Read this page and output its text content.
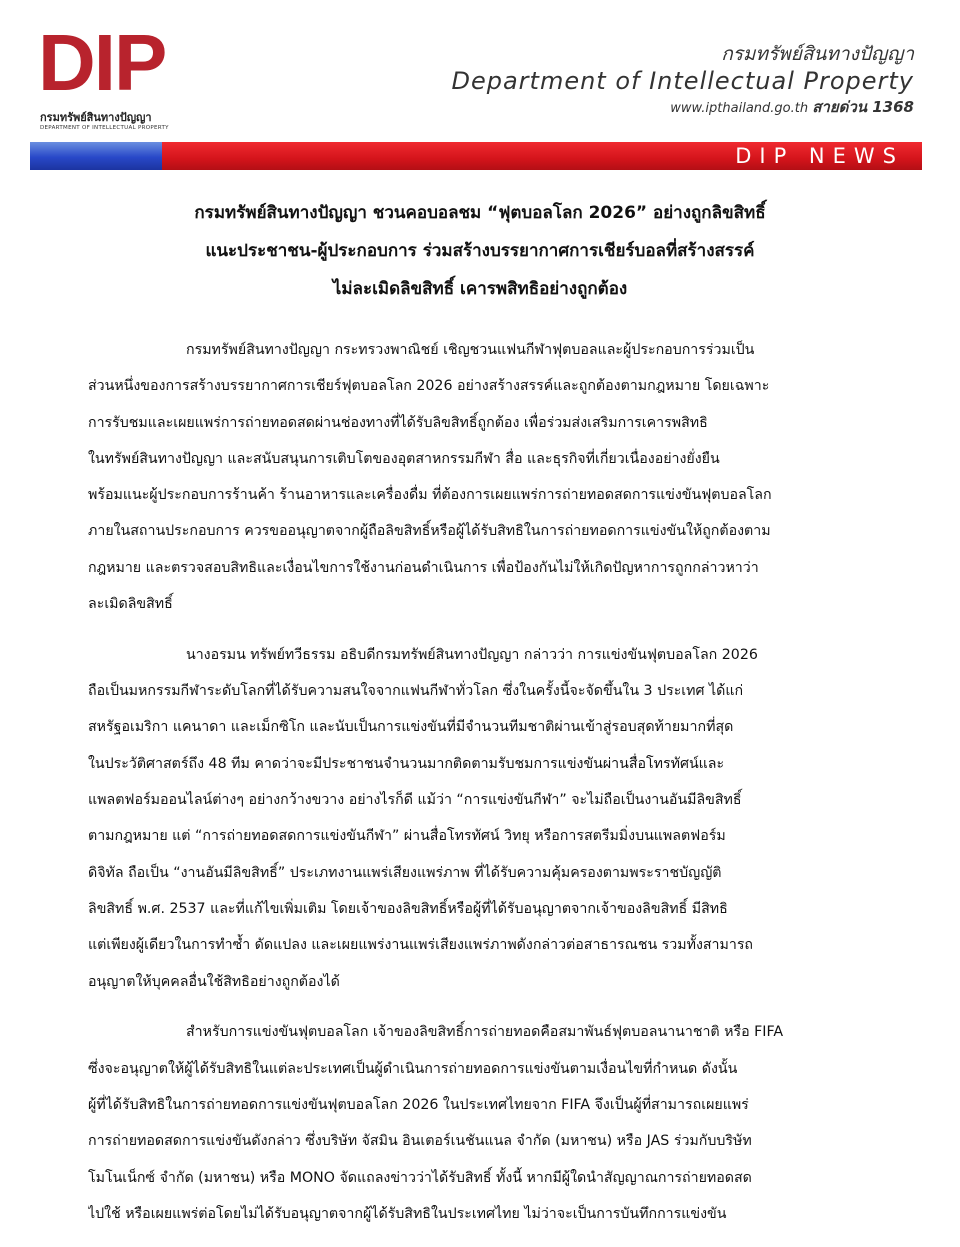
DIP
กรมทรัพย์สินทางปัญญา
DEPARTMENT OF INTELLECTUAL PROPERTY
กรมทรัพย์สินทางปัญญา
Department of Intellectual Property
www.ipthailand.go.th สายด่วน 1368
DIP NEWS
กรมทรัพย์สินทางปัญญา ชวนคอบอลชม “ฟุตบอลโลก 2026” อย่างถูกลิขสิทธิ์
แนะประชาชน-ผู้ประกอบการ ร่วมสร้างบรรยากาศการเชียร์บอลที่สร้างสรรค์
ไม่ละเมิดลิขสิทธิ์ เคารพสิทธิอย่างถูกต้อง

กรมทรัพย์สินทางปัญญา กระทรวงพาณิชย์ เชิญชวนแฟนกีฬาฟุตบอลและผู้ประกอบการร่วมเป็น
ส่วนหนึ่งของการสร้างบรรยากาศการเชียร์ฟุตบอลโลก 2026 อย่างสร้างสรรค์และถูกต้องตามกฎหมาย โดยเฉพาะ
การรับชมและเผยแพร่การถ่ายทอดสดผ่านช่องทางที่ได้รับลิขสิทธิ์ถูกต้อง เพื่อร่วมส่งเสริมการเคารพสิทธิ
ในทรัพย์สินทางปัญญา และสนับสนุนการเติบโตของอุตสาหกรรมกีฬา สื่อ และธุรกิจที่เกี่ยวเนื่องอย่างยั่งยืน
พร้อมแนะผู้ประกอบการร้านค้า ร้านอาหารและเครื่องดื่ม ที่ต้องการเผยแพร่การถ่ายทอดสดการแข่งขันฟุตบอลโลก
ภายในสถานประกอบการ ควรขออนุญาตจากผู้ถือลิขสิทธิ์หรือผู้ได้รับสิทธิในการถ่ายทอดการแข่งขันให้ถูกต้องตาม
กฎหมาย และตรวจสอบสิทธิและเงื่อนไขการใช้งานก่อนดำเนินการ เพื่อป้องกันไม่ให้เกิดปัญหาการถูกกล่าวหาว่า
ละเมิดลิขสิทธิ์

นางอรมน ทรัพย์ทวีธรรม อธิบดีกรมทรัพย์สินทางปัญญา กล่าวว่า การแข่งขันฟุตบอลโลก 2026
ถือเป็นมหกรรมกีฬาระดับโลกที่ได้รับความสนใจจากแฟนกีฬาทั่วโลก ซึ่งในครั้งนี้จะจัดขึ้นใน 3 ประเทศ ได้แก่
สหรัฐอเมริกา แคนาดา และเม็กซิโก และนับเป็นการแข่งขันที่มีจำนวนทีมชาติผ่านเข้าสู่รอบสุดท้ายมากที่สุด
ในประวัติศาสตร์ถึง 48 ทีม คาดว่าจะมีประชาชนจำนวนมากติดตามรับชมการแข่งขันผ่านสื่อโทรทัศน์และ
แพลตฟอร์มออนไลน์ต่างๆ อย่างกว้างขวาง อย่างไรก็ดี แม้ว่า “การแข่งขันกีฬา” จะไม่ถือเป็นงานอันมีลิขสิทธิ์
ตามกฎหมาย แต่ “การถ่ายทอดสดการแข่งขันกีฬา” ผ่านสื่อโทรทัศน์ วิทยุ หรือการสตรีมมิ่งบนแพลตฟอร์ม
ดิจิทัล ถือเป็น “งานอันมีลิขสิทธิ์” ประเภทงานแพร่เสียงแพร่ภาพ ที่ได้รับความคุ้มครองตามพระราชบัญญัติ
ลิขสิทธิ์ พ.ศ. 2537 และที่แก้ไขเพิ่มเติม โดยเจ้าของลิขสิทธิ์หรือผู้ที่ได้รับอนุญาตจากเจ้าของลิขสิทธิ์ มีสิทธิ
แต่เพียงผู้เดียวในการทำซ้ำ ดัดแปลง และเผยแพร่งานแพร่เสียงแพร่ภาพดังกล่าวต่อสาธารณชน รวมทั้งสามารถ
อนุญาตให้บุคคลอื่นใช้สิทธิอย่างถูกต้องได้

สำหรับการแข่งขันฟุตบอลโลก เจ้าของลิขสิทธิ์การถ่ายทอดคือสมาพันธ์ฟุตบอลนานาชาติ หรือ FIFA
ซึ่งจะอนุญาตให้ผู้ได้รับสิทธิในแต่ละประเทศเป็นผู้ดำเนินการถ่ายทอดการแข่งขันตามเงื่อนไขที่กำหนด ดังนั้น
ผู้ที่ได้รับสิทธิในการถ่ายทอดการแข่งขันฟุตบอลโลก 2026 ในประเทศไทยจาก FIFA จึงเป็นผู้ที่สามารถเผยแพร่
การถ่ายทอดสดการแข่งขันดังกล่าว ซึ่งบริษัท จัสมิน อินเตอร์เนชันแนล จำกัด (มหาชน) หรือ JAS ร่วมกับบริษัท
โมโนเน็กซ์ จำกัด (มหาชน) หรือ MONO จัดแถลงข่าวว่าได้รับสิทธิ์ ทั้งนี้ หากมีผู้ใดนำสัญญาณการถ่ายทอดสด
ไปใช้ หรือเผยแพร่ต่อโดยไม่ได้รับอนุญาตจากผู้ได้รับสิทธิในประเทศไทย ไม่ว่าจะเป็นการบันทึกการแข่งขัน
